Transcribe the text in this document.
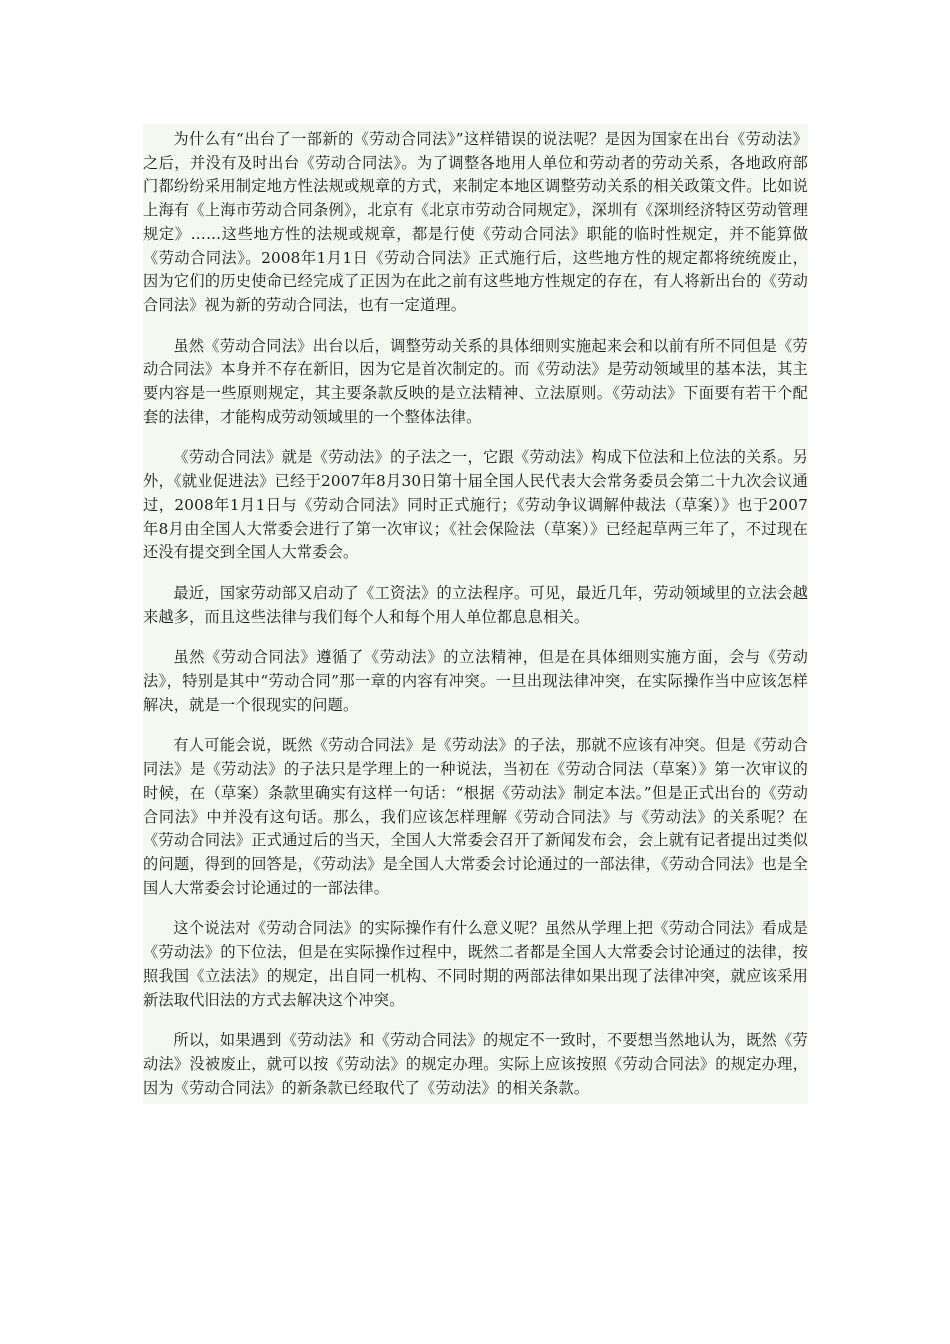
为什么有“出台了一部新的《劳动合同法》”这样错误的说法呢？是因为国家在出台《劳动法》之后，并没有及时出台《劳动合同法》。为了调整各地用人单位和劳动者的劳动关系，各地政府部门都纷纷采用制定地方性法规或规章的方式，来制定本地区调整劳动关系的相关政策文件。比如说上海有《上海市劳动合同条例》，北京有《北京市劳动合同规定》，深圳有《深圳经济特区劳动管理规定》……这些地方性的法规或规章，都是行使《劳动合同法》职能的临时性规定，并不能算做《劳动合同法》。2008年1月1日《劳动合同法》正式施行后，这些地方性的规定都将统统废止，因为它们的历史使命已经完成了正因为在此之前有这些地方性规定的存在，有人将新出台的《劳动合同法》视为新的劳动合同法，也有一定道理。

虽然《劳动合同法》出台以后，调整劳动关系的具体细则实施起来会和以前有所不同但是《劳动合同法》本身并不存在新旧，因为它是首次制定的。而《劳动法》是劳动领域里的基本法，其主要内容是一些原则规定，其主要条款反映的是立法精神、立法原则。《劳动法》下面要有若干个配套的法律，才能构成劳动领域里的一个整体法律。

《劳动合同法》就是《劳动法》的子法之一，它跟《劳动法》构成下位法和上位法的关系。另外，《就业促进法》已经于2007年8月30日第十届全国人民代表大会常务委员会第二十九次会议通过，2008年1月1日与《劳动合同法》同时正式施行；《劳动争议调解仲裁法（草案）》也于2007年8月由全国人大常委会进行了第一次审议；《社会保险法（草案）》已经起草两三年了，不过现在还没有提交到全国人大常委会。

最近，国家劳动部又启动了《工资法》的立法程序。可见，最近几年，劳动领域里的立法会越来越多，而且这些法律与我们每个人和每个用人单位都息息相关。

虽然《劳动合同法》遵循了《劳动法》的立法精神，但是在具体细则实施方面，会与《劳动法》，特别是其中“劳动合同”那一章的内容有冲突。一旦出现法律冲突，在实际操作当中应该怎样解决，就是一个很现实的问题。

有人可能会说，既然《劳动合同法》是《劳动法》的子法，那就不应该有冲突。但是《劳动合同法》是《劳动法》的子法只是学理上的一种说法，当初在《劳动合同法（草案）》第一次审议的时候，在（草案）条款里确实有这样一句话：“根据《劳动法》制定本法。”但是正式出台的《劳动合同法》中并没有这句话。那么，我们应该怎样理解《劳动合同法》与《劳动法》的关系呢？在《劳动合同法》正式通过后的当天，全国人大常委会召开了新闻发布会，会上就有记者提出过类似的问题，得到的回答是，《劳动法》是全国人大常委会讨论通过的一部法律，《劳动合同法》也是全国人大常委会讨论通过的一部法律。

这个说法对《劳动合同法》的实际操作有什么意义呢？虽然从学理上把《劳动合同法》看成是《劳动法》的下位法，但是在实际操作过程中，既然二者都是全国人大常委会讨论通过的法律，按照我国《立法法》的规定，出自同一机构、不同时期的两部法律如果出现了法律冲突，就应该采用新法取代旧法的方式去解决这个冲突。

所以，如果遇到《劳动法》和《劳动合同法》的规定不一致时，不要想当然地认为，既然《劳动法》没被废止，就可以按《劳动法》的规定办理。实际上应该按照《劳动合同法》的规定办理，因为《劳动合同法》的新条款已经取代了《劳动法》的相关条款。
